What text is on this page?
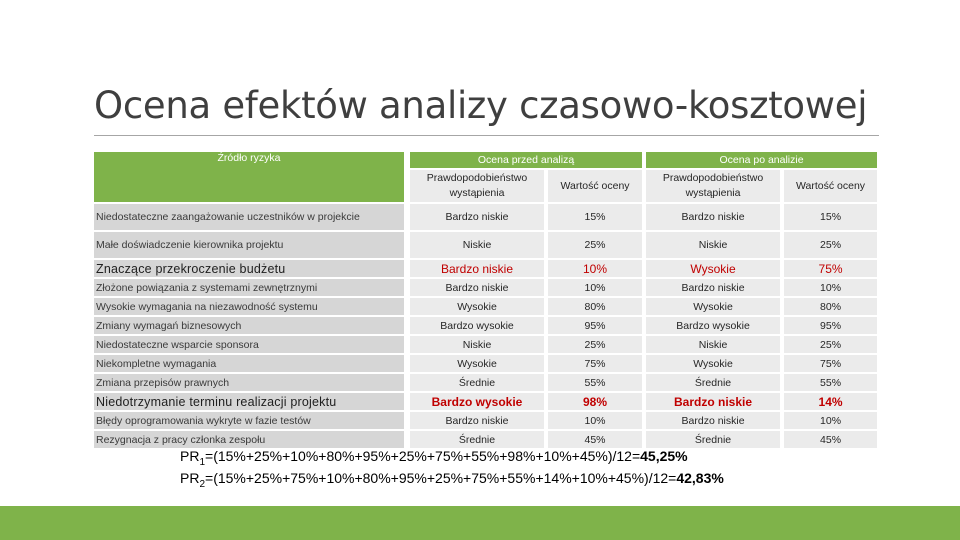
Ocena efektów analizy czasowo-kosztowej
Źródło ryzyka		Ocena przed analizą				Ocena po analizie		
		Prawdopodobieństwo wystąpienia		Wartość oceny		Prawdopodobieństwo wystąpienia		Wartość oceny
Niedostateczne zaangażowanie uczestników w projekcie		Bardzo niskie		15%		Bardzo niskie		15%
Małe doświadczenie kierownika projektu		Niskie		25%		Niskie		25%
Znaczące przekroczenie budżetu		Bardzo niskie		10%		Wysokie		75%
Złożone powiązania z systemami zewnętrznymi		Bardzo niskie		10%		Bardzo niskie		10%
Wysokie wymagania na niezawodność systemu		Wysokie		80%		Wysokie		80%
Zmiany wymagań biznesowych		Bardzo wysokie		95%		Bardzo wysokie		95%
Niedostateczne wsparcie sponsora		Niskie		25%		Niskie		25%
Niekompletne wymagania		Wysokie		75%		Wysokie		75%
Zmiana przepisów prawnych		Średnie		55%		Średnie		55%
Niedotrzymanie terminu realizacji projektu		Bardzo wysokie		98%		Bardzo niskie		14%
Błędy oprogramowania wykryte w fazie testów		Bardzo niskie		10%		Bardzo niskie		10%
Rezygnacja z pracy członka zespołu		Średnie		45%		Średnie		45%
$PR_1=(15\%+25\%+10\%+80\%+95\%+25\%+75\%+55\%+98\%+10\%+45\%)/12=45,25\%$
$PR_2=(15\%+25\%+75\%+10\%+80\%+95\%+25\%+75\%+55\%+14\%+10\%+45\%)/12=42,83\%$
